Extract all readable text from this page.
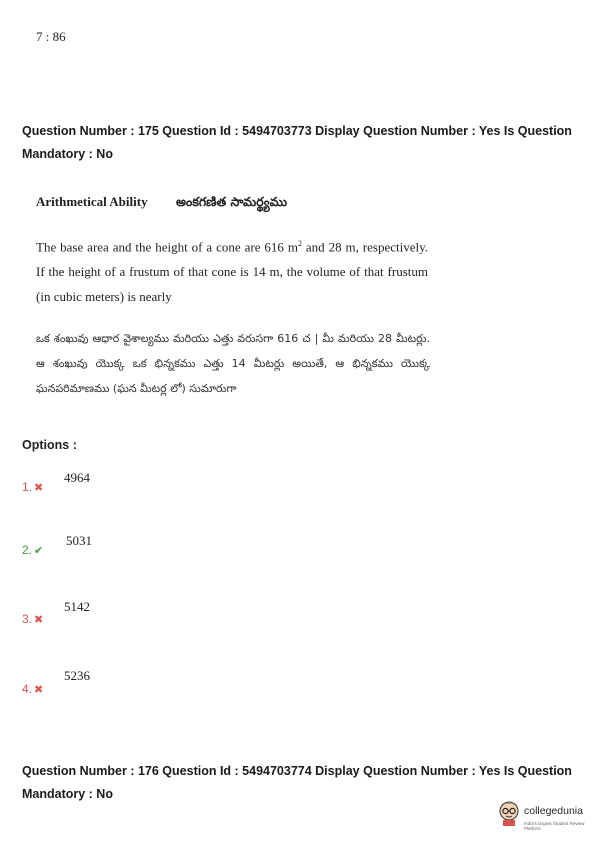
7 : 86
Question Number : 175 Question Id : 5494703773 Display Question Number : Yes Is Question
Mandatory : No
Arithmetical Ability అంకగణిత సామర్థ్యము
The base area and the height of a cone are 616 $m^2$ and 28 m, respectively. If the height of a frustum of that cone is 14 m, the volume of that frustum (in cubic meters) is nearly
ఒక శంఖువు ఆధార వైశాల్యము మరియు ఎత్తు వరుసగా 616 చ | మీ మరియు 28 మీటర్లు. ఆ శంఖువు యొక్క ఒక భిన్నకము ఎత్తు 14 మీటర్లు అయితే, ఆ భిన్నకము యొక్క ఘనపరిమాణము (ఘన మీటర్ల లో) సుమారుగా
Options :
1. ✖
4964
2. ✔
5031
3. ✖
5142
4. ✖
5236
Question Number : 176 Question Id : 5494703774 Display Question Number : Yes Is Question
Mandatory : No
collegedunia
India's largest Student Review Platform
